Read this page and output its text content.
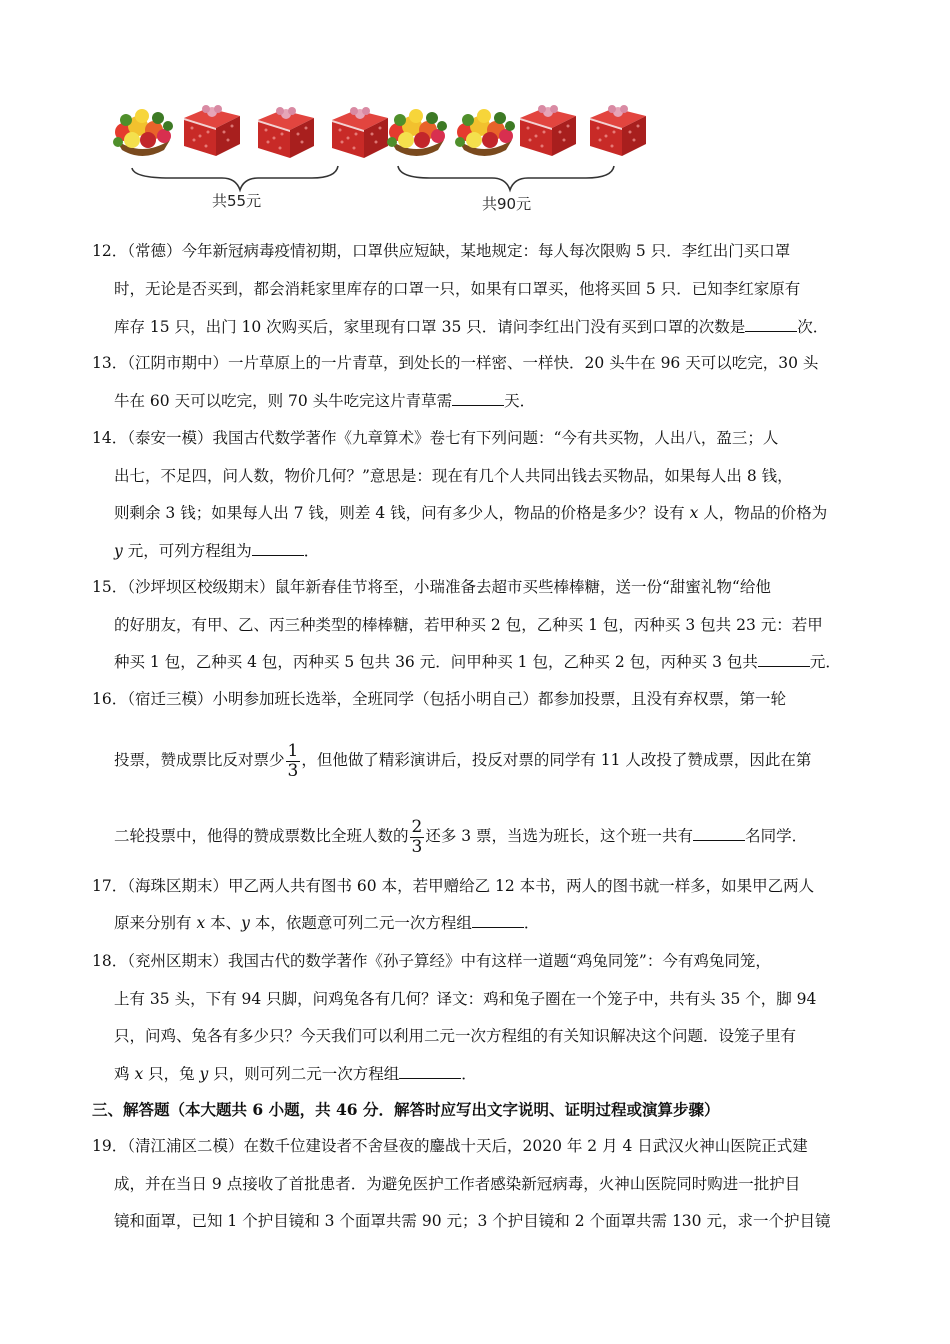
共55元	共90元
12．（常德）今年新冠病毒疫情初期，口罩供应短缺，某地规定：每人每次限购 5 只．李红出门买口罩
时，无论是否买到，都会消耗家里库存的口罩一只，如果有口罩买，他将买回 5 只．已知李红家原有
库存 15 只，出门 10 次购买后，家里现有口罩 35 只．请问李红出门没有买到口罩的次数是	次．
13．（江阴市期中）一片草原上的一片青草，到处长的一样密、一样快．20 头牛在 96 天可以吃完，30 头
牛在 60 天可以吃完，则 70 头牛吃完这片青草需	天．
14．（泰安一模）我国古代数学著作《九章算术》卷七有下列问题：“今有共买物，人出八，盈三；人
出七，不足四，问人数，物价几何？”意思是：现在有几个人共同出钱去买物品，如果每人出 8 钱，
则剩余 3 钱；如果每人出 7 钱，则差 4 钱，问有多少人，物品的价格是多少？设有 x 人，物品的价格为
y 元，可列方程组为	．
15．（沙坪坝区校级期末）鼠年新春佳节将至，小瑞准备去超市买些棒棒糖，送一份“甜蜜礼物“给他
的好朋友，有甲、乙、丙三种类型的棒棒糖，若甲种买 2 包，乙种买 1 包，丙种买 3 包共 23 元：若甲
种买 1 包，乙种买 4 包，丙种买 5 包共 36 元．问甲种买 1 包，乙种买 2 包，丙种买 3 包共	元．
16．（宿迁三模）小明参加班长选举，全班同学（包括小明自己）都参加投票，且没有弃权票，第一轮
投票，赞成票比反对票少 $\frac{1}{3}$ ，但他做了精彩演讲后，投反对票的同学有 11 人改投了赞成票，因此在第
二轮投票中，他得的赞成票数比全班人数的 $\frac{2}{3}$ 还多 3 票，当选为班长，这个班一共有	名同学．
17．（海珠区期末）甲乙两人共有图书 60 本，若甲赠给乙 12 本书，两人的图书就一样多，如果甲乙两人
原来分别有 x 本、y 本，依题意可列二元一次方程组	．
18．（兖州区期末）我国古代的数学著作《孙子算经》中有这样一道题“鸡兔同笼”：今有鸡兔同笼，
上有 35 头，下有 94 只脚，问鸡兔各有几何？译文：鸡和兔子圈在一个笼子中，共有头 35 个，脚 94
只，问鸡、兔各有多少只？今天我们可以利用二元一次方程组的有关知识解决这个问题．设笼子里有
鸡 x 只，兔 y 只，则可列二元一次方程组	．
三、解答题（本大题共 6 小题，共 46 分．解答时应写出文字说明、证明过程或演算步骤）
19．（清江浦区二模）在数千位建设者不舍昼夜的鏖战十天后，2020 年 2 月 4 日武汉火神山医院正式建
成，并在当日 9 点接收了首批患者．为避免医护工作者感染新冠病毒，火神山医院同时购进一批护目
镜和面罩，已知 1 个护目镜和 3 个面罩共需 90 元；3 个护目镜和 2 个面罩共需 130 元，求一个护目镜
